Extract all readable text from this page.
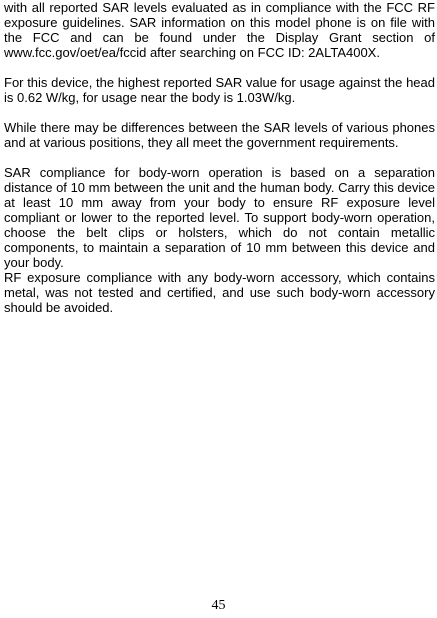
with all reported SAR levels evaluated as in compliance with the FCC RF exposure guidelines. SAR information on this model phone is on file with the FCC and can be found under the Display Grant section of www.fcc.gov/oet/ea/fccid after searching on FCC ID: 2ALTA400X.

For this device, the highest reported SAR value for usage against the head is 0.62 W/kg, for usage near the body is 1.03W/kg.

While there may be differences between the SAR levels of various phones and at various positions, they all meet the government requirements.

SAR compliance for body-worn operation is based on a separation distance of 10 mm between the unit and the human body. Carry this device at least 10 mm away from your body to ensure RF exposure level compliant or lower to the reported level. To support body-worn operation, choose the belt clips or holsters, which do not contain metallic components, to maintain a separation of 10 mm between this device and your body.

RF exposure compliance with any body-worn accessory, which contains metal, was not tested and certified, and use such body-worn accessory should be avoided.

45
